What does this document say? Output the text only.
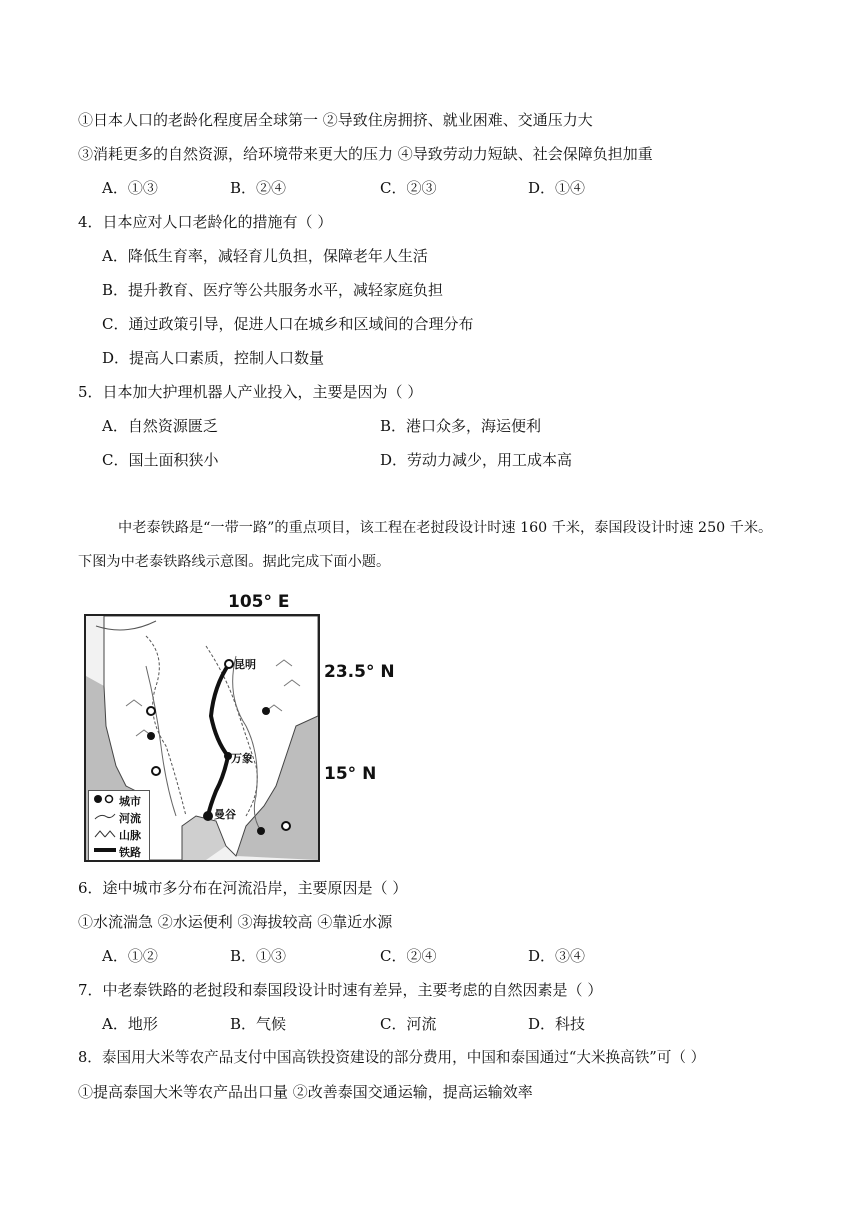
①日本人口的老龄化程度居全球第一 ②导致住房拥挤、就业困难、交通压力大
③消耗更多的自然资源，给环境带来更大的压力 ④导致劳动力短缺、社会保障负担加重
A．①③	B．②④	C．②③	D．①④
4．日本应对人口老龄化的措施有（ ）
A．降低生育率，减轻育儿负担，保障老年人生活
B．提升教育、医疗等公共服务水平，减轻家庭负担
C．通过政策引导，促进人口在城乡和区域间的合理分布
D．提高人口素质，控制人口数量
5．日本加大护理机器人产业投入，主要是因为（ ）
A．自然资源匮乏	B．港口众多，海运便利
C．国土面积狭小	D．劳动力减少，用工成本高
中老泰铁路是“一带一路”的重点项目，该工程在老挝段设计时速 160 千米，泰国段设计时速 250 千米。
下图为中老泰铁路线示意图。据此完成下面小题。
105° E
23.5° N
15° N
昆明
万象
曼谷
城市
河流
山脉
铁路
6．途中城市多分布在河流沿岸，主要原因是（ ）
①水流湍急 ②水运便利 ③海拔较高 ④靠近水源
A．①②	B．①③	C．②④	D．③④
7．中老泰铁路的老挝段和泰国段设计时速有差异，主要考虑的自然因素是（ ）
A．地形	B．气候	C．河流	D．科技
8．泰国用大米等农产品支付中国高铁投资建设的部分费用，中国和泰国通过“大米换高铁”可（ ）
①提高泰国大米等农产品出口量 ②改善泰国交通运输，提高运输效率
